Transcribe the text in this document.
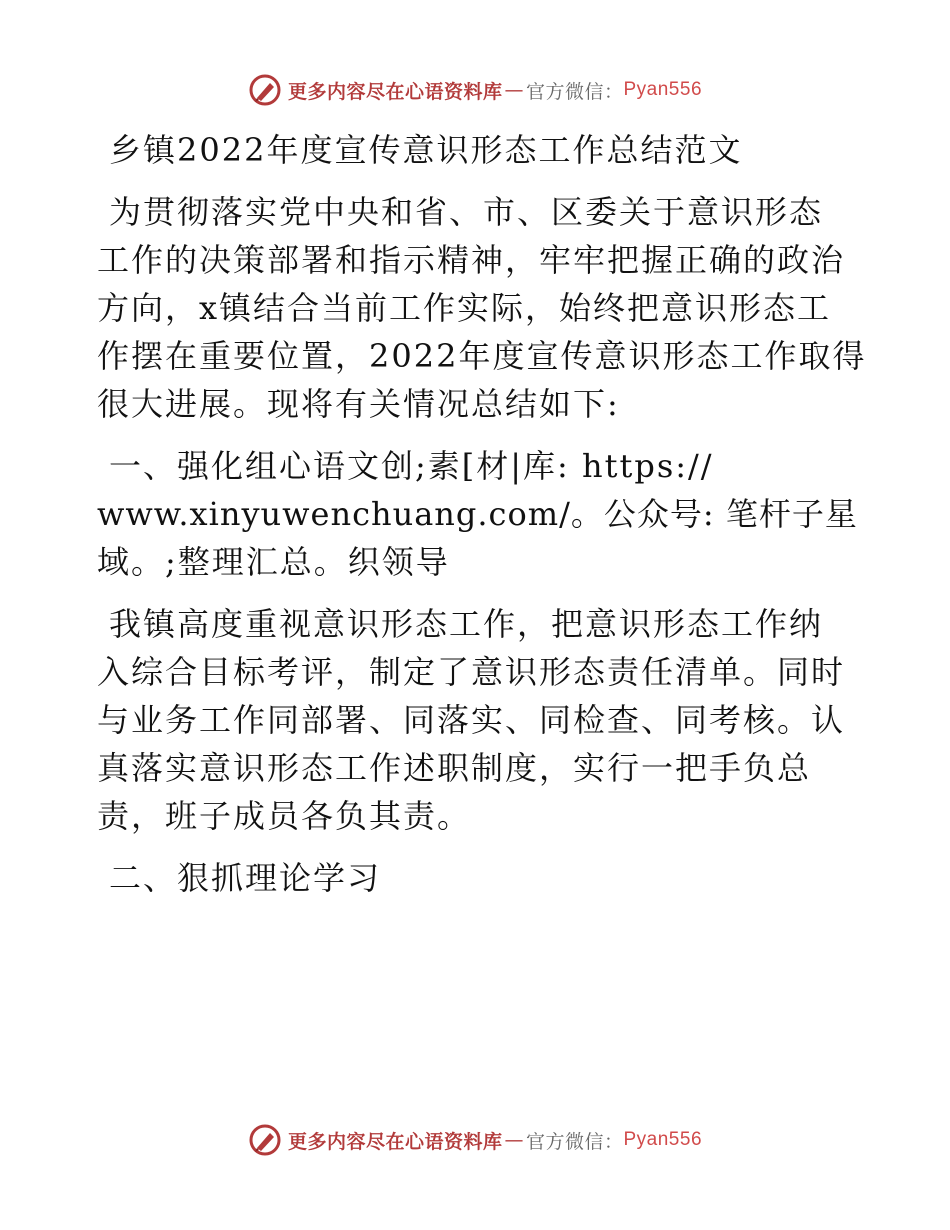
更多内容尽在心语资料库 — 官方微信： Pyan556

乡镇2022年度宣传意识形态工作总结范文

为贯彻落实党中央和省、市、区委关于意识形态

工作的决策部署和指示精神，牢牢把握正确的政治

方向，x镇结合当前工作实际，始终把意识形态工

作摆在重要位置，2022年度宣传意识形态工作取得

很大进展。现将有关情况总结如下:

一、强化组心语文创;素[材|库: https://

www.xinyuwenchuang.com/。公众号: 笔杆子星

域。;整理汇总。织领导

我镇高度重视意识形态工作，把意识形态工作纳

入综合目标考评，制定了意识形态责任清单。同时

与业务工作同部署、同落实、同检查、同考核。认

真落实意识形态工作述职制度，实行一把手负总

责，班子成员各负其责。

二、狠抓理论学习

更多内容尽在心语资料库 — 官方微信： Pyan556
